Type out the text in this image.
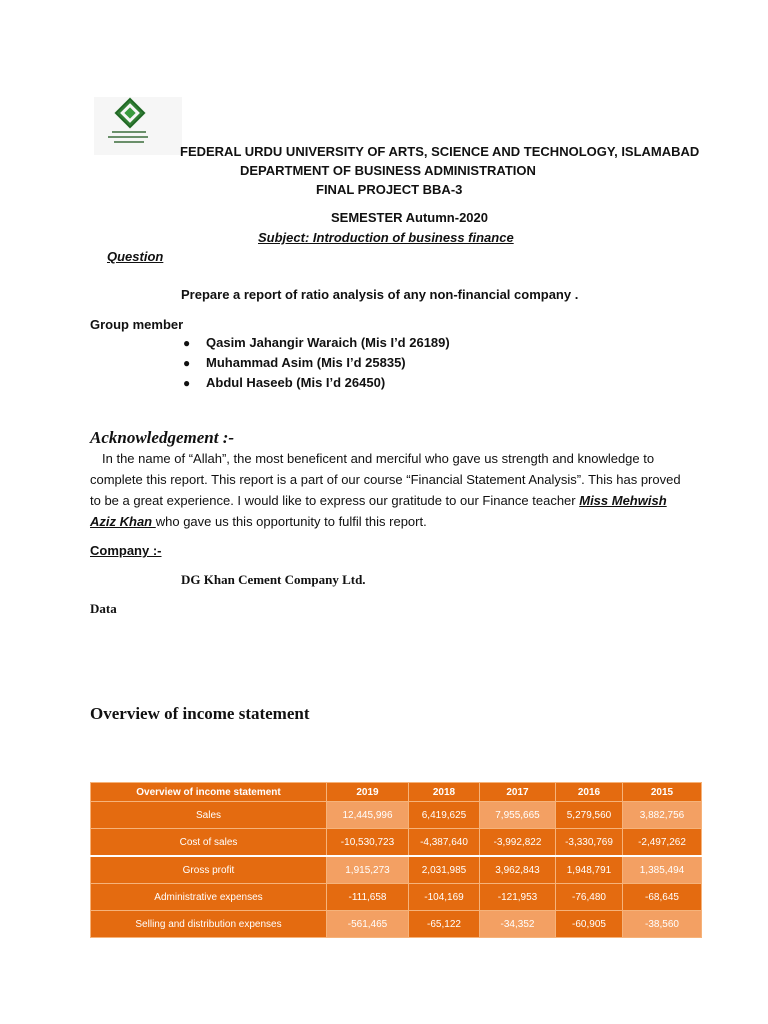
FEDERAL URDU UNIVERSITY OF ARTS, SCIENCE AND TECHNOLOGY, ISLAMABAD
DEPARTMENT OF BUSINESS ADMINISTRATION
FINAL PROJECT BBA-3
SEMESTER Autumn-2020
Subject: Introduction of business finance
Question
Prepare a report of ratio analysis of any non-financial company .
Group member
● Qasim Jahangir Waraich (Mis I’d 26189)
● Muhammad Asim (Mis I’d 25835)
● Abdul Haseeb (Mis I’d 26450)
Acknowledgement :-
In the name of “Allah”, the most beneficent and merciful who gave us strength and knowledge to complete this report. This report is a part of our course “Financial Statement Analysis”. This has proved to be a great experience. I would like to express our gratitude to our Finance teacher Miss Mehwish Aziz Khan who gave us this opportunity to fulfil this report.
Company :-
DG Khan Cement Company Ltd.
Data
Overview of income statement
Overview of income statement	2019	2018	2017	2016	2015
Sales	12,445,996	6,419,625	7,955,665	5,279,560	3,882,756
Cost of sales	-10,530,723	-4,387,640	-3,992,822	-3,330,769	-2,497,262
Gross profit	1,915,273	2,031,985	3,962,843	1,948,791	1,385,494
Administrative expenses	-111,658	-104,169	-121,953	-76,480	-68,645
Selling and distribution expenses	-561,465	-65,122	-34,352	-60,905	-38,560
